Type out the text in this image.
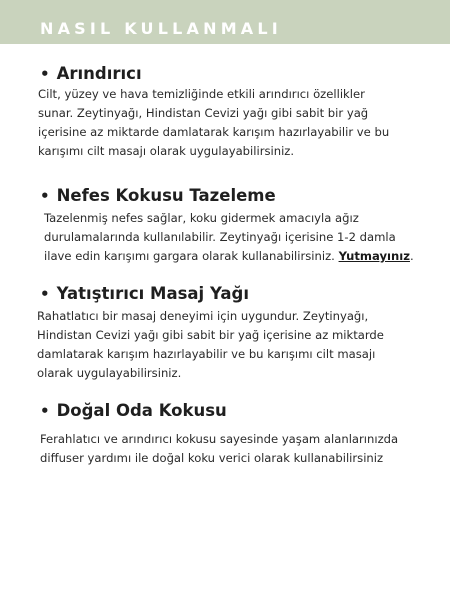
NASIL KULLANMALI
• Arındırıcı

Cilt, yüzey ve hava temizliğinde etkili arındırıcı özellikler sunar. Zeytinyağı, Hindistan Cevizi yağı gibi sabit bir yağ içerisine az miktarde damlatarak karışım hazırlayabilir ve bu karışımı cilt masajı olarak uygulayabilirsiniz.

• Nefes Kokusu Tazeleme

Tazelenmiş nefes sağlar, koku gidermek amacıyla ağız durulamalarında kullanılabilir. Zeytinyağı içerisine 1-2 damla ilave edin karışımı gargara olarak kullanabilirsiniz. Yutmayınız.

• Yatıştırıcı Masaj Yağı

Rahatlatıcı bir masaj deneyimi için uygundur. Zeytinyağı, Hindistan Cevizi yağı gibi sabit bir yağ içerisine az miktarde damlatarak karışım hazırlayabilir ve bu karışımı cilt masajı olarak uygulayabilirsiniz.

• Doğal Oda Kokusu

Ferahlatıcı ve arındırıcı kokusu sayesinde yaşam alanlarınızda diffuser yardımı ile doğal koku verici olarak kullanabilirsiniz
